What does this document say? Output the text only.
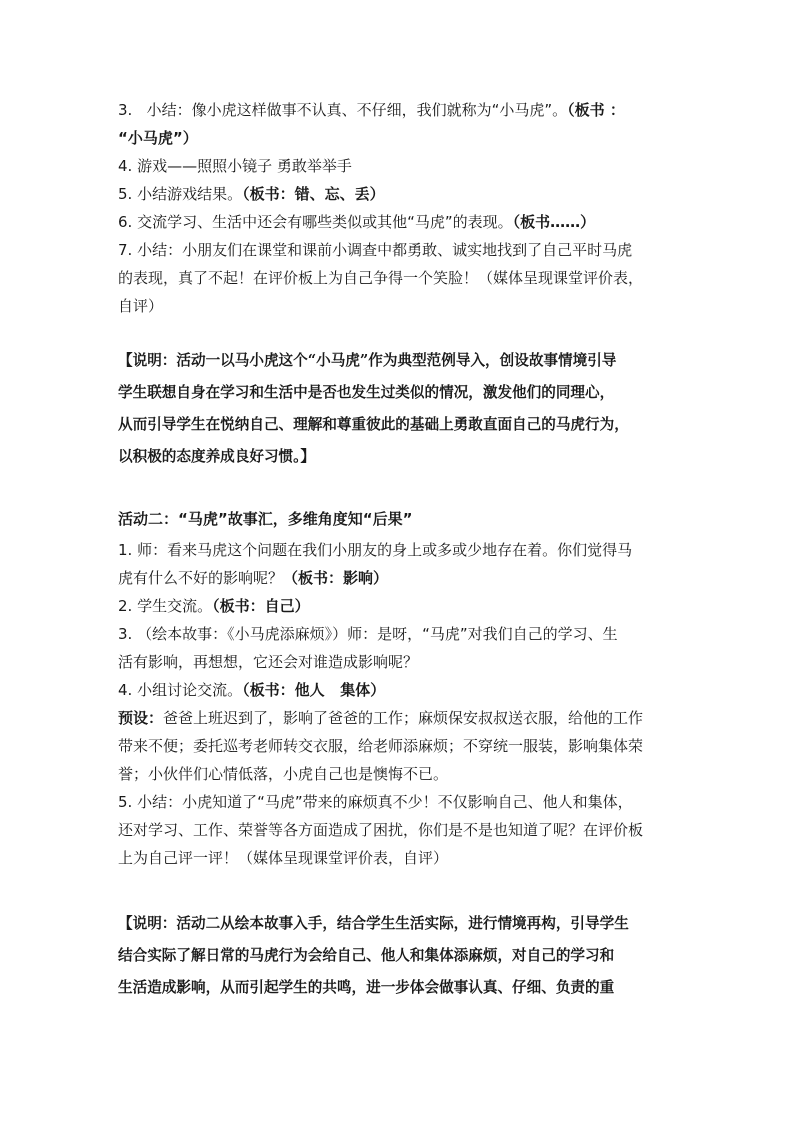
3.   小结：像小虎这样做事不认真、不仔细，我们就称为“小马虎”。（板书 ：
“小马虎”）
4. 游戏——照照小镜子 勇敢举举手
5. 小结游戏结果。（板书：错、忘、丢）
6. 交流学习、生活中还会有哪些类似或其他“马虎”的表现。（板书……）
7. 小结：小朋友们在课堂和课前小调查中都勇敢、诚实地找到了自己平时马虎
的表现，真了不起！在评价板上为自己争得一个笑脸！（媒体呈现课堂评价表，
自评）
【说明：活动一以马小虎这个“小马虎”作为典型范例导入，创设故事情境引导
学生联想自身在学习和生活中是否也发生过类似的情况，激发他们的同理心，
从而引导学生在悦纳自己、理解和尊重彼此的基础上勇敢直面自己的马虎行为，
以积极的态度养成良好习惯。】
活动二：“马虎”故事汇，多维角度知“后果”
1. 师：看来马虎这个问题在我们小朋友的身上或多或少地存在着。你们觉得马
虎有什么不好的影响呢？（板书：影响）
2. 学生交流。（板书：自己）
3. （绘本故事：《小马虎添麻烦》）师：是呀，“马虎”对我们自己的学习、生
活有影响，再想想，它还会对谁造成影响呢？
4. 小组讨论交流。（板书：他人   集体）
预设：爸爸上班迟到了，影响了爸爸的工作；麻烦保安叔叔送衣服，给他的工作
带来不便；委托巡考老师转交衣服，给老师添麻烦；不穿统一服装，影响集体荣
誉；小伙伴们心情低落，小虎自己也是懊悔不已。
5. 小结：小虎知道了“马虎”带来的麻烦真不少！不仅影响自己、他人和集体，
还对学习、工作、荣誉等各方面造成了困扰，你们是不是也知道了呢？在评价板
上为自己评一评！（媒体呈现课堂评价表，自评）
【说明：活动二从绘本故事入手，结合学生生活实际，进行情境再构，引导学生
结合实际了解日常的马虎行为会给自己、他人和集体添麻烦，对自己的学习和
生活造成影响，从而引起学生的共鸣，进一步体会做事认真、仔细、负责的重
